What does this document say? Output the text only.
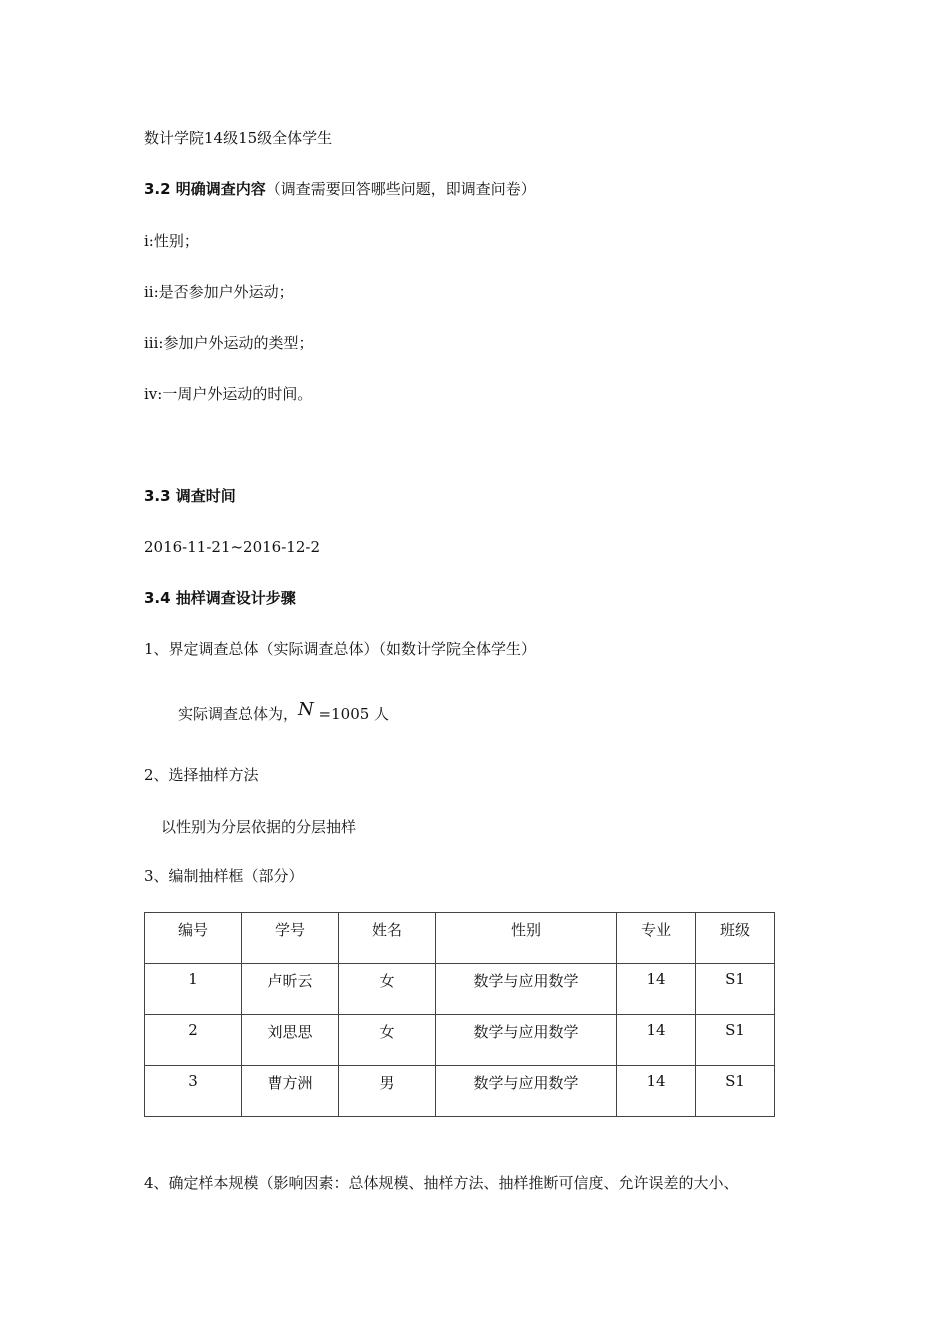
数计学院14级15级全体学生
3.2 明确调查内容（调查需要回答哪些问题，即调查问卷）
i:性别；
ii:是否参加户外运动；
iii:参加户外运动的类型；
iv:一周户外运动的时间。
3.3 调查时间
2016-11-21~2016-12-2
3.4 抽样调查设计步骤
1、界定调查总体（实际调查总体）（如数计学院全体学生）
实际调查总体为，N =1005 人
2、选择抽样方法
以性别为分层依据的分层抽样
3、编制抽样框（部分）
编号	学号	姓名	性别	专业	班级
1	卢昕云	女	数学与应用数学	14	S1
2	刘思思	女	数学与应用数学	14	S1
3	曹方洲	男	数学与应用数学	14	S1
4、确定样本规模（影响因素：总体规模、抽样方法、抽样推断可信度、允许误差的大小、
